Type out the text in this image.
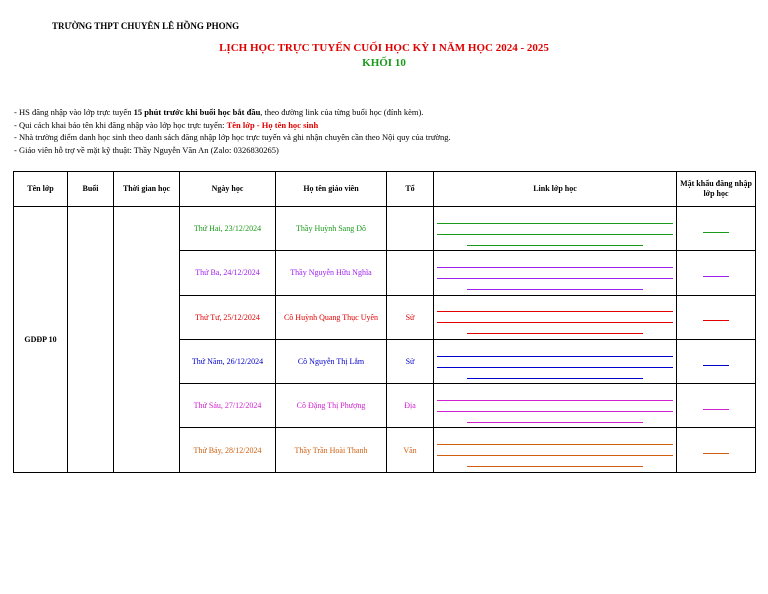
TRƯỜNG THPT CHUYÊN LÊ HỒNG PHONG
LỊCH HỌC TRỰC TUYẾN CUỐI HỌC KỲ I NĂM HỌC 2024 - 2025
KHỐI 10
- HS đăng nhập vào lớp trực tuyến 15 phút trước khi buổi học bắt đầu, theo đường link của từng buổi học (đính kèm).
- Qui cách khai báo tên khi đăng nhập vào lớp học trực tuyến: Tên lớp - Họ tên học sinh
- Nhà trường điểm danh học sinh theo danh sách đăng nhập lớp học trực tuyến và ghi nhận chuyên cần theo Nội quy của trường.
- Giáo viên hỗ trợ về mặt kỹ thuật: Thầy Nguyễn Văn An (Zalo: 0326830265)
Tên lớp	Buổi	Thời gian học	Ngày học	Họ tên giáo viên	Tổ	Link lớp học	Mật khẩu đăng nhập lớp học
GDĐP 10			Thứ Hai, 23/12/2024	Thầy Huỳnh Sang Dô		

			Thứ Ba, 24/12/2024	Thầy Nguyễn Hữu Nghĩa		

			Thứ Tư, 25/12/2024	Cô Huỳnh Quang Thục Uyên	Sử	

			Thứ Năm, 26/12/2024	Cô Nguyễn Thị Lắm	Sử	

			Thứ Sáu, 27/12/2024	Cô Đặng Thị Phượng	Địa	

			Thứ Bảy, 28/12/2024	Thầy Trần Hoài Thanh	Văn	
